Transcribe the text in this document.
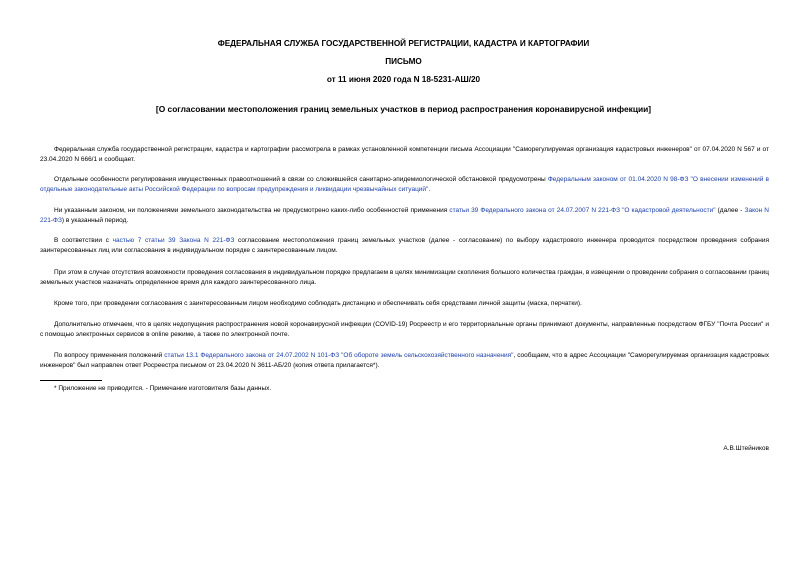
ФЕДЕРАЛЬНАЯ СЛУЖБА ГОСУДАРСТВЕННОЙ РЕГИСТРАЦИИ, КАДАСТРА И КАРТОГРАФИИ

ПИСЬМО

от 11 июня 2020 года N 18-5231-АШ/20

[О согласовании местоположения границ земельных участков в период распространения коронавирусной инфекции]

Федеральная служба государственной регистрации, кадастра и картографии рассмотрела в рамках установленной компетенции письма Ассоциации "Саморегулируемая организация кадастровых инженеров" от 07.04.2020 N 567 и от 23.04.2020 N 666/1 и сообщает.

Отдельные особенности регулирования имущественных правоотношений в связи со сложившейся санитарно-эпидемиологической обстановкой предусмотрены Федеральным законом от 01.04.2020 N 98-ФЗ "О внесении изменений в отдельные законодательные акты Российской Федерации по вопросам предупреждения и ликвидации чрезвычайных ситуаций".

Ни указанным законом, ни положениями земельного законодательства не предусмотрено каких-либо особенностей применения статьи 39 Федерального закона от 24.07.2007 N 221-ФЗ "О кадастровой деятельности" (далее - Закон N 221-ФЗ) в указанный период.

В соответствии с частью 7 статьи 39 Закона N 221-ФЗ согласование местоположения границ земельных участков (далее - согласование) по выбору кадастрового инженера проводится посредством проведения собрания заинтересованных лиц или согласования в индивидуальном порядке с заинтересованным лицом.

При этом в случае отсутствия возможности проведения согласования в индивидуальном порядке предлагаем в целях минимизации скопления большого количества граждан, в извещении о проведении собрания о согласовании границ земельных участков назначать определенное время для каждого заинтересованного лица.

Кроме того, при проведении согласования с заинтересованным лицом необходимо соблюдать дистанцию и обеспечивать себя средствами личной защиты (маска, перчатки).

Дополнительно отмечаем, что в целях недопущения распространения новой коронавирусной инфекции (COVID-19) Росреестр и его территориальные органы принимают документы, направленные посредством ФГБУ "Почта России" и с помощью электронных сервисов в online режиме, а также по электронной почте.

По вопросу применения положений статьи 13.1 Федерального закона от 24.07.2002 N 101-ФЗ "Об обороте земель сельскохозяйственного назначения", сообщаем, что в адрес Ассоциации "Саморегулируемая организация кадастровых инженеров" был направлен ответ Росреестра письмом от 23.04.2020 N 3611-АБ/20 (копия ответа прилагается*).

* Приложение не приводится. - Примечание изготовителя базы данных.

А.В.Штейников
